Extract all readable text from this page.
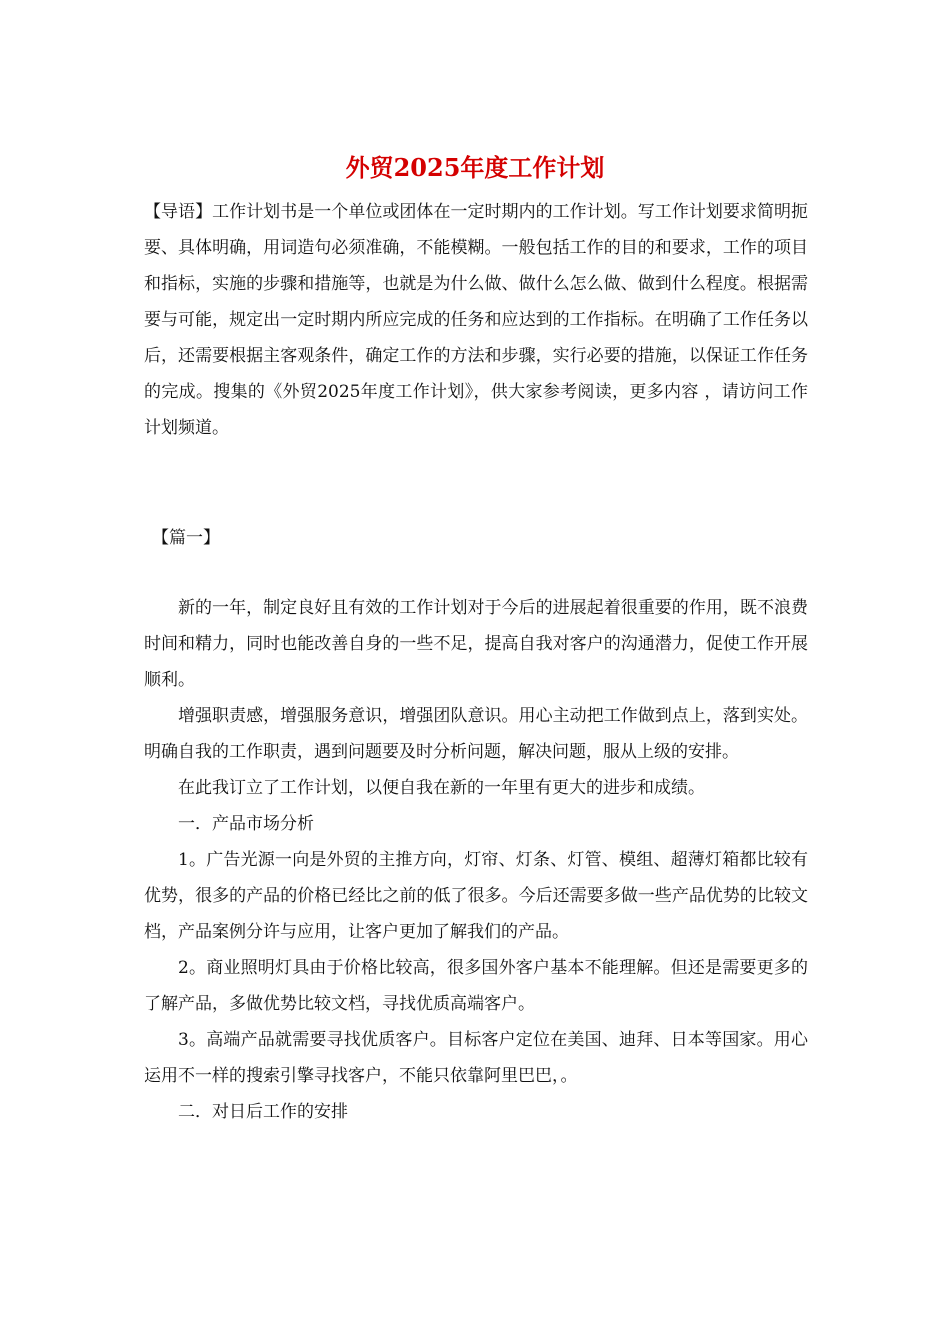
外贸2025年度工作计划

【导语】工作计划书是一个单位或团体在一定时期内的工作计划。写工作计划要求简明扼要、具体明确，用词造句必须准确，不能模糊。一般包括工作的目的和要求，工作的项目和指标，实施的步骤和措施等，也就是为什么做、做什么怎么做、做到什么程度。根据需要与可能，规定出一定时期内所应完成的任务和应达到的工作指标。在明确了工作任务以后，还需要根据主客观条件，确定工作的方法和步骤，实行必要的措施，以保证工作任务的完成。搜集的《外贸2025年度工作计划》，供大家参考阅读，更多内容 ，请访问工作计划频道。

【篇一】

新的一年，制定良好且有效的工作计划对于今后的进展起着很重要的作用，既不浪费时间和精力，同时也能改善自身的一些不足，提高自我对客户的沟通潜力，促使工作开展顺利。

增强职责感，增强服务意识，增强团队意识。用心主动把工作做到点上，落到实处。明确自我的工作职责，遇到问题要及时分析问题，解决问题，服从上级的安排。

在此我订立了工作计划，以便自我在新的一年里有更大的进步和成绩。

一．产品市场分析

1。广告光源一向是外贸的主推方向，灯帘、灯条、灯管、模组、超薄灯箱都比较有优势，很多的产品的价格已经比之前的低了很多。今后还需要多做一些产品优势的比较文档，产品案例分许与应用，让客户更加了解我们的产品。

2。商业照明灯具由于价格比较高，很多国外客户基本不能理解。但还是需要更多的了解产品，多做优势比较文档，寻找优质高端客户。

3。高端产品就需要寻找优质客户。目标客户定位在美国、迪拜、日本等国家。用心运用不一样的搜索引擎寻找客户，不能只依靠阿里巴巴，。

二．对日后工作的安排
